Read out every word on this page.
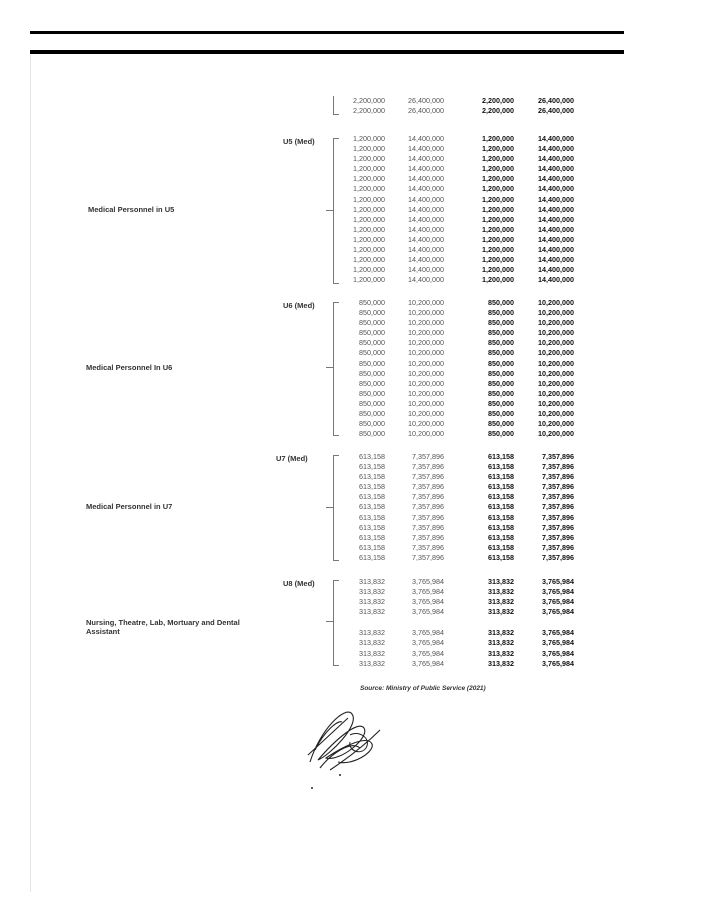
2,200,000	26,400,000	2,200,000	26,400,000
2,200,000	26,400,000	2,200,000	26,400,000
U5 (Med)
Medical Personnel in U5
1,200,000	14,400,000	1,200,000	14,400,000
1,200,000	14,400,000	1,200,000	14,400,000
1,200,000	14,400,000	1,200,000	14,400,000
1,200,000	14,400,000	1,200,000	14,400,000
1,200,000	14,400,000	1,200,000	14,400,000
1,200,000	14,400,000	1,200,000	14,400,000
1,200,000	14,400,000	1,200,000	14,400,000
1,200,000	14,400,000	1,200,000	14,400,000
1,200,000	14,400,000	1,200,000	14,400,000
1,200,000	14,400,000	1,200,000	14,400,000
1,200,000	14,400,000	1,200,000	14,400,000
1,200,000	14,400,000	1,200,000	14,400,000
1,200,000	14,400,000	1,200,000	14,400,000
1,200,000	14,400,000	1,200,000	14,400,000
1,200,000	14,400,000	1,200,000	14,400,000
U6 (Med)
Medical Personnel In U6
850,000	10,200,000	850,000	10,200,000
850,000	10,200,000	850,000	10,200,000
850,000	10,200,000	850,000	10,200,000
850,000	10,200,000	850,000	10,200,000
850,000	10,200,000	850,000	10,200,000
850,000	10,200,000	850,000	10,200,000
850,000	10,200,000	850,000	10,200,000
850,000	10,200,000	850,000	10,200,000
850,000	10,200,000	850,000	10,200,000
850,000	10,200,000	850,000	10,200,000
850,000	10,200,000	850,000	10,200,000
850,000	10,200,000	850,000	10,200,000
850,000	10,200,000	850,000	10,200,000
850,000	10,200,000	850,000	10,200,000
U7 (Med)
Medical Personnel in U7
613,158	7,357,896	613,158	7,357,896
613,158	7,357,896	613,158	7,357,896
613,158	7,357,896	613,158	7,357,896
613,158	7,357,896	613,158	7,357,896
613,158	7,357,896	613,158	7,357,896
613,158	7,357,896	613,158	7,357,896
613,158	7,357,896	613,158	7,357,896
613,158	7,357,896	613,158	7,357,896
613,158	7,357,896	613,158	7,357,896
613,158	7,357,896	613,158	7,357,896
613,158	7,357,896	613,158	7,357,896
U8 (Med)
Nursing, Theatre, Lab, Mortuary and Dental Assistant
313,832	3,765,984	313,832	3,765,984
313,832	3,765,984	313,832	3,765,984
313,832	3,765,984	313,832	3,765,984
313,832	3,765,984	313,832	3,765,984
313,832	3,765,984	313,832	3,765,984
313,832	3,765,984	313,832	3,765,984
313,832	3,765,984	313,832	3,765,984
313,832	3,765,984	313,832	3,765,984
Source: Ministry of Public Service (2021)
